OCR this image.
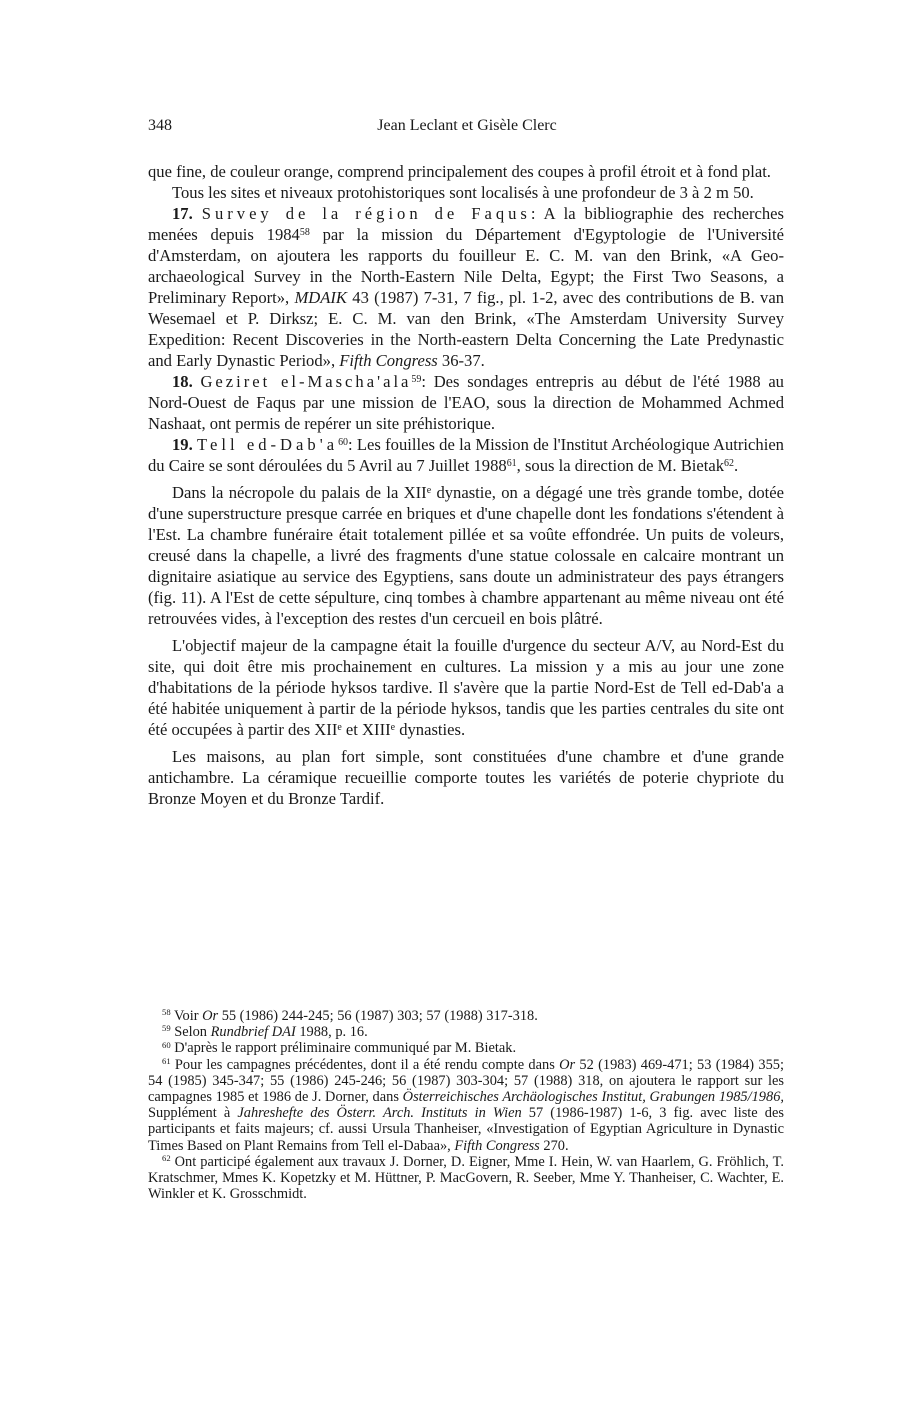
348	Jean Leclant et Gisèle Clerc

que fine, de couleur orange, comprend principalement des coupes à profil étroit et à fond plat.

Tous les sites et niveaux protohistoriques sont localisés à une profondeur de 3 à 2 m 50.

17. Survey de la région de Faqus: A la bibliographie des recherches menées depuis 1984$^{58}$ par la mission du Département d'Egyptologie de l'Université d'Amsterdam, on ajoutera les rapports du fouilleur E. C. M. van den Brink, «A Geo-archaeological Survey in the North-Eastern Nile Delta, Egypt; the First Two Seasons, a Preliminary Report», MDAIK 43 (1987) 7-31, 7 fig., pl. 1-2, avec des contributions de B. van Wesemael et P. Dirksz; E. C. M. van den Brink, «The Amsterdam University Survey Expedition: Recent Discoveries in the North-eastern Delta Concerning the Late Predynastic and Early Dynastic Period», Fifth Congress 36-37.

18. Geziret el-Mascha'ala$^{59}$: Des sondages entrepris au début de l'été 1988 au Nord-Ouest de Faqus par une mission de l'EAO, sous la direction de Mohammed Achmed Nashaat, ont permis de repérer un site préhistorique.

19. Tell $ed-Dab'a^{60}$: Les fouilles de la Mission de l'Institut Archéologique Autrichien du Caire se sont déroulées du 5 Avril au 7 Juillet 1988$^{61}$, sous la direction de M. Bietak$^{62}$.

Dans la nécropole du palais de la XIIe dynastie, on a dégagé une très grande tombe, dotée d'une superstructure presque carrée en briques et d'une chapelle dont les fondations s'étendent à l'Est. La chambre funéraire était totalement pillée et sa voûte effondrée. Un puits de voleurs, creusé dans la chapelle, a livré des fragments d'une statue colossale en calcaire montrant un dignitaire asiatique au service des Egyptiens, sans doute un administrateur des pays étrangers (fig. 11). A l'Est de cette sépulture, cinq tombes à chambre appartenant au même niveau ont été retrouvées vides, à l'exception des restes d'un cercueil en bois plâtré.

L'objectif majeur de la campagne était la fouille d'urgence du secteur A/V, au Nord-Est du site, qui doit être mis prochainement en cultures. La mission y a mis au jour une zone d'habitations de la période hyksos tardive. Il s'avère que la partie Nord-Est de Tell ed-Dab'a a été habitée uniquement à partir de la période hyksos, tandis que les parties centrales du site ont été occupées à partir des XIIe et XIIIe dynasties.

Les maisons, au plan fort simple, sont constituées d'une chambre et d'une grande antichambre. La céramique recueillie comporte toutes les variétés de poterie chypriote du Bronze Moyen et du Bronze Tardif.

$^{58}$ Voir Or 55 (1986) 244-245; 56 (1987) 303; 57 (1988) 317-318.

$^{59}$ Selon Rundbrief DAI 1988, p. 16.

$^{60}$ D'après le rapport préliminaire communiqué par M. Bietak.

$^{61}$ Pour les campagnes précédentes, dont il a été rendu compte dans Or 52 (1983) 469-471; 53 (1984) 355; 54 (1985) 345-347; 55 (1986) 245-246; 56 (1987) 303-304; 57 (1988) 318, on ajoutera le rapport sur les campagnes 1985 et 1986 de J. Dorner, dans Österreichisches Archäologisches Institut, Grabungen 1985/1986, Supplément à Jahreshefte des Österr. Arch. Instituts in Wien 57 (1986-1987) 1-6, 3 fig. avec liste des participants et faits majeurs; cf. aussi Ursula Thanheiser, «Investigation of Egyptian Agriculture in Dynastic Times Based on Plant Remains from Tell el-Dabaa», Fifth Congress 270.

$^{62}$ Ont participé également aux travaux J. Dorner, D. Eigner, Mme I. Hein, W. van Haarlem, G. Fröhlich, T. Kratschmer, Mmes K. Kopetzky et M. Hüttner, P. MacGovern, R. Seeber, Mme Y. Thanheiser, C. Wachter, E. Winkler et K. Grosschmidt.
